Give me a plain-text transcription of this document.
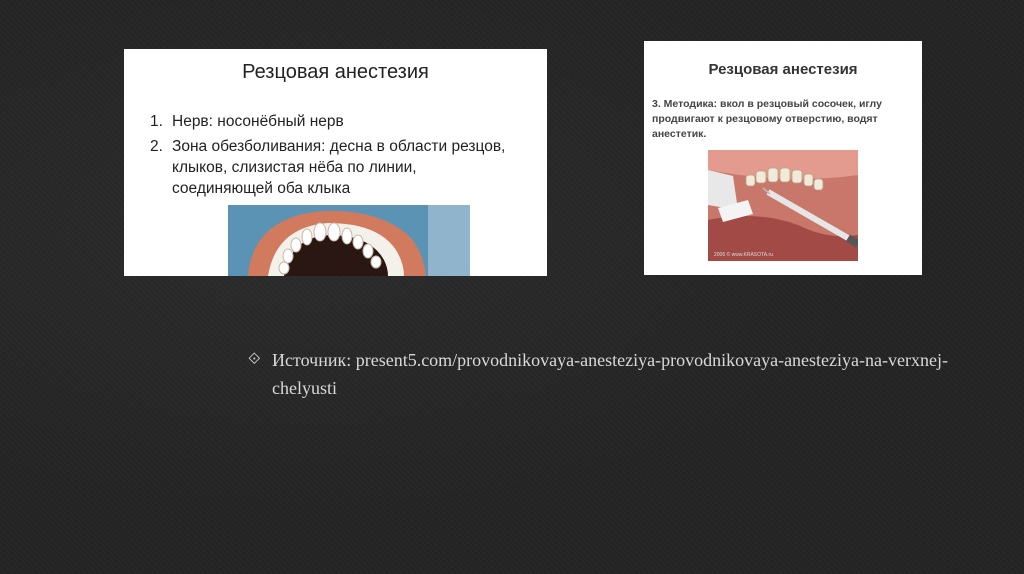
Резцовая анестезия
1. Нерв: носонёбный нерв
2. Зона обезболивания: десна в области резцов, клыков, слизистая нёба по линии, соединяющей оба клыка
Резцовая анестезия
3. Методика: вкол в резцовый сосочек, иглу продвигают к резцовому отверстию, водят анестетик.
2006 © www.KRASOTA.ru
⟐ Источник: present5.com/provodnikovaya-anesteziya-provodnikovaya-anesteziya-na-verxnej-chelyusti
